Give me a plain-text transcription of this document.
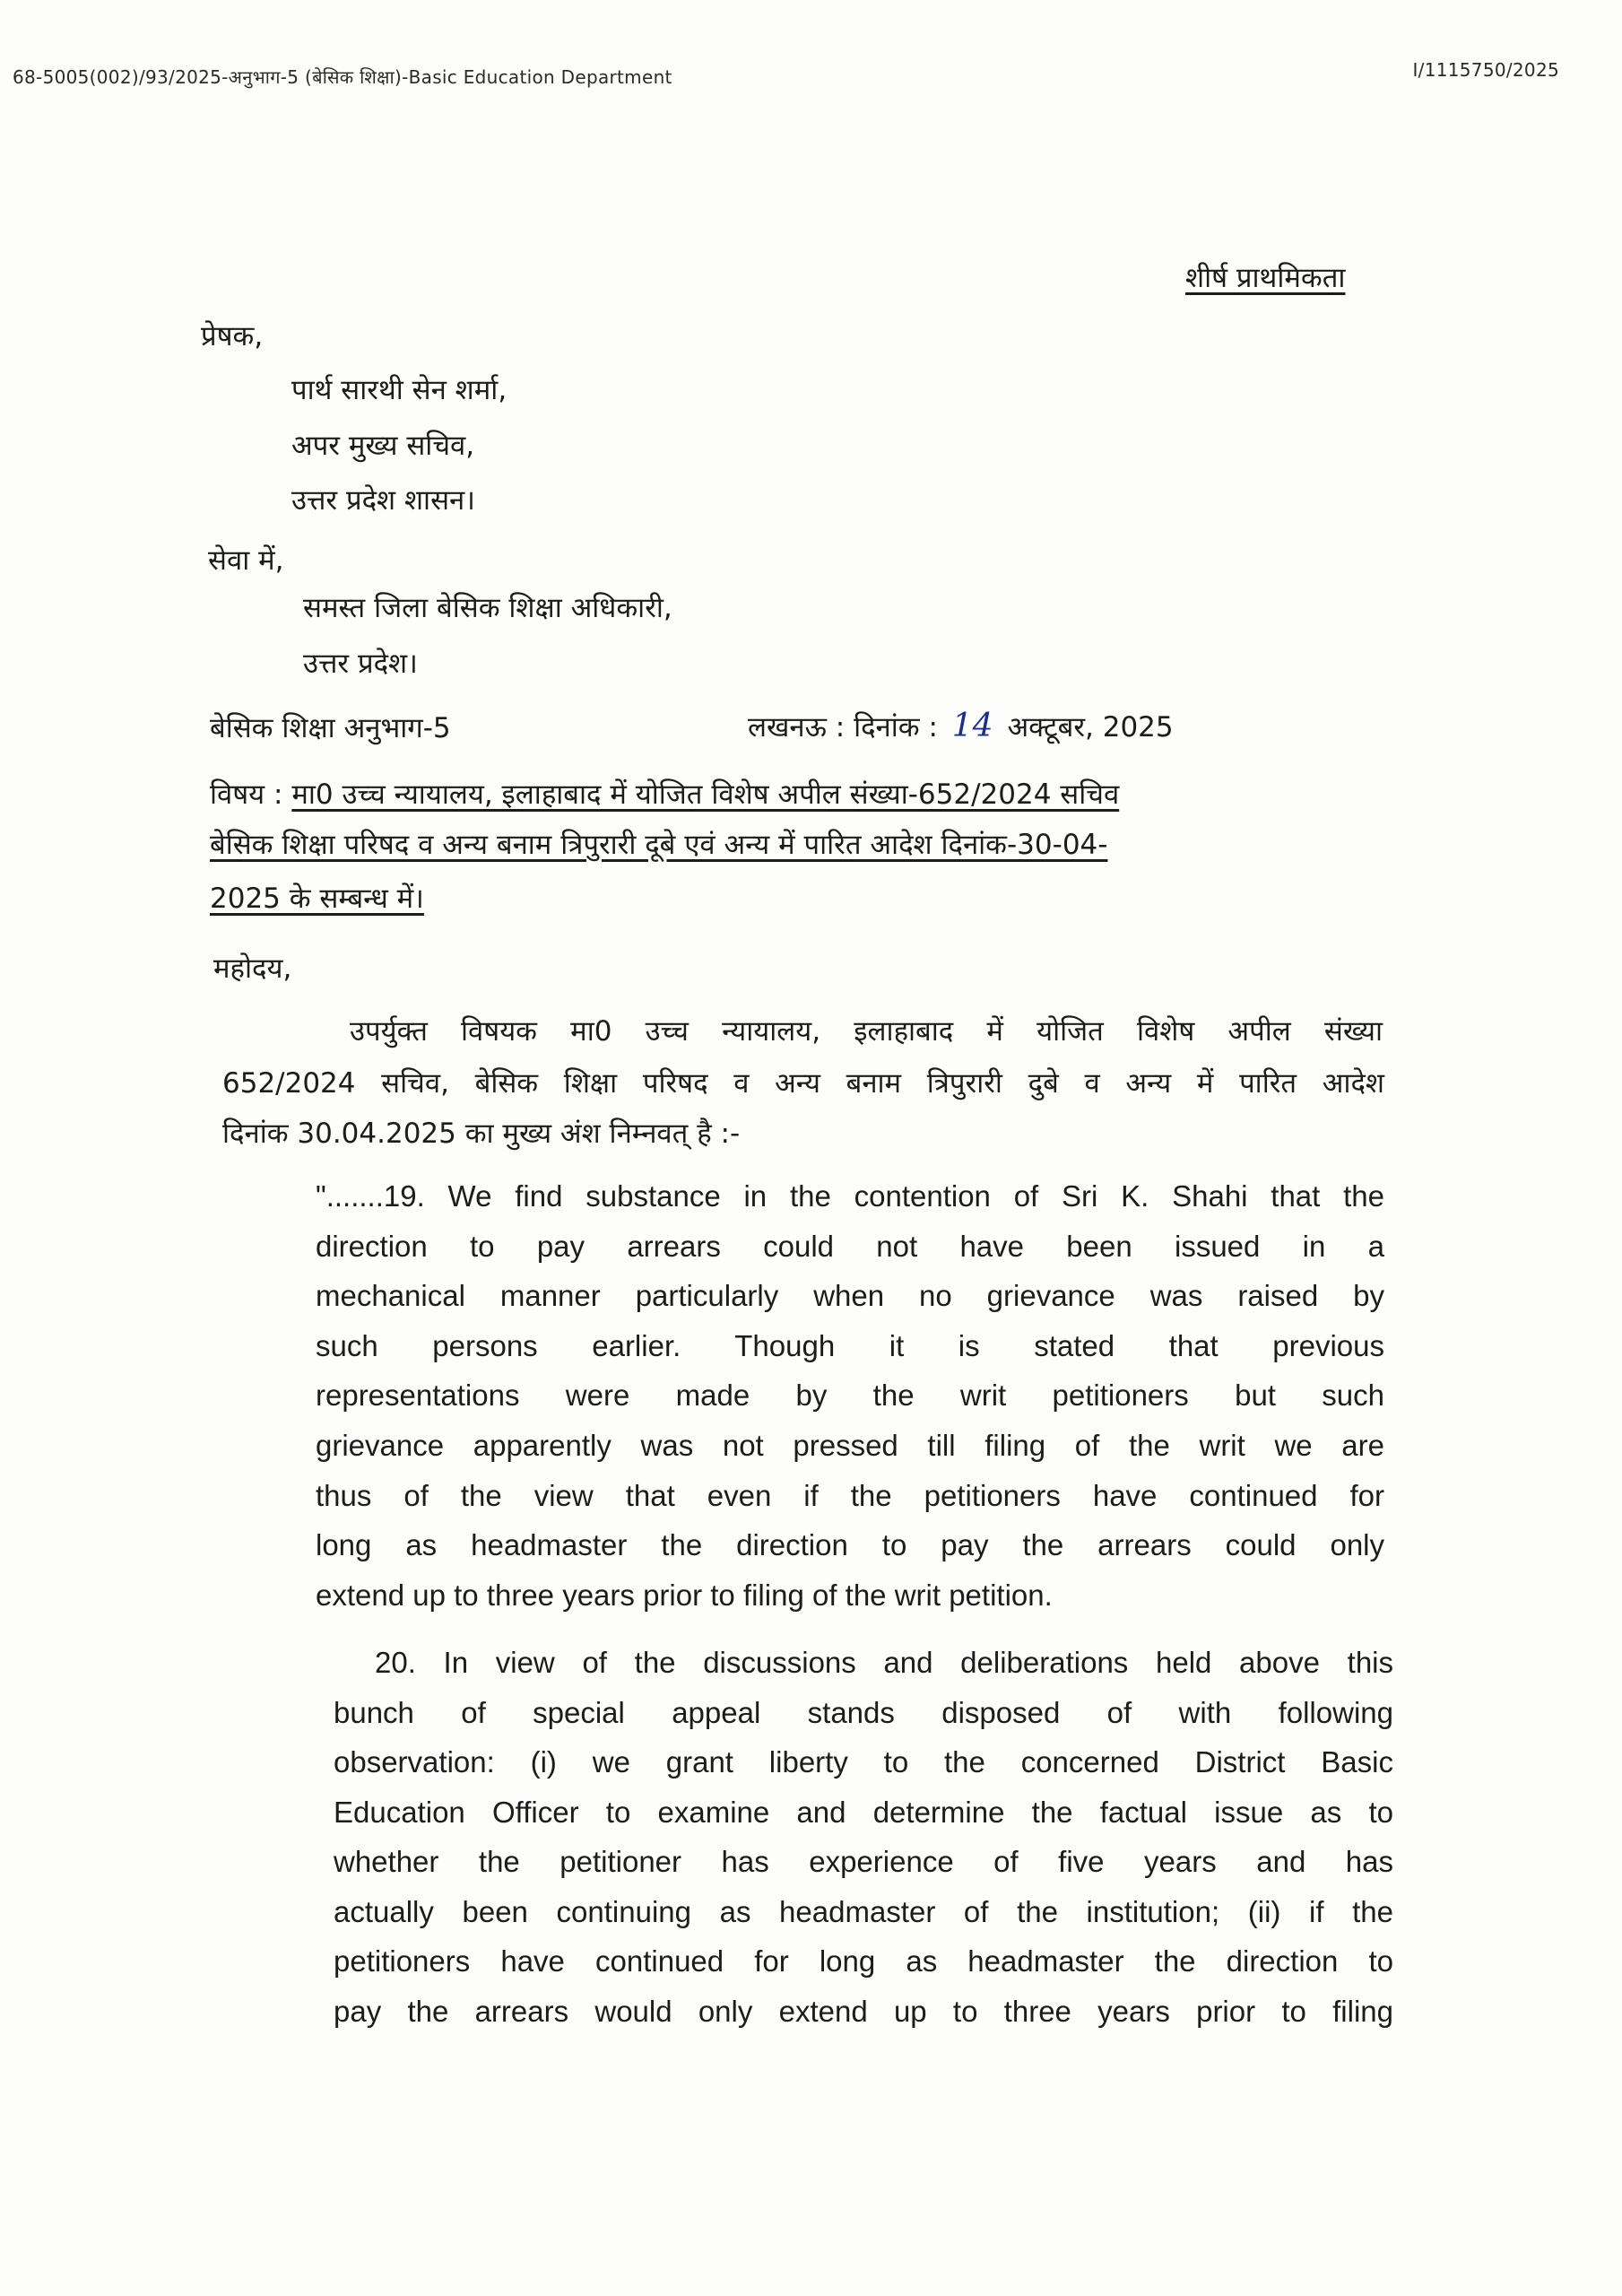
68-5005(002)/93/2025-अनुभाग-5 (बेसिक शिक्षा)-Basic Education Department	I/1115750/2025
शीर्ष प्राथमिकता
प्रेषक,
पार्थ सारथी सेन शर्मा,
अपर मुख्य सचिव,
उत्तर प्रदेश शासन।
सेवा में,
समस्त जिला बेसिक शिक्षा अधिकारी,
उत्तर प्रदेश।
बेसिक शिक्षा अनुभाग-5	लखनऊ : दिनांक : 14 अक्टूबर, 2025
विषय : मा0 उच्च न्यायालय, इलाहाबाद में योजित विशेष अपील संख्या-652/2024 सचिव
बेसिक शिक्षा परिषद व अन्य बनाम त्रिपुरारी दूबे एवं अन्य में पारित आदेश दिनांक-30-04-
2025 के सम्बन्ध में।
महोदय,
उपर्युक्त विषयक मा0 उच्च न्यायालय, इलाहाबाद में योजित विशेष अपील संख्या
652/2024 सचिव, बेसिक शिक्षा परिषद व अन्य बनाम त्रिपुरारी दुबे व अन्य में पारित आदेश
दिनांक 30.04.2025 का मुख्य अंश निम्नवत् है :-
".......19. We find substance in the contention of Sri K. Shahi that the
direction to pay arrears could not have been issued in a
mechanical manner particularly when no grievance was raised by
such persons earlier. Though it is stated that previous
representations were made by the writ petitioners but such
grievance apparently was not pressed till filing of the writ we are
thus of the view that even if the petitioners have continued for
long as headmaster the direction to pay the arrears could only
extend up to three years prior to filing of the writ petition.
20. In view of the discussions and deliberations held above this
bunch of special appeal stands disposed of with following
observation: (i) we grant liberty to the concerned District Basic
Education Officer to examine and determine the factual issue as to
whether the petitioner has experience of five years and has
actually been continuing as headmaster of the institution; (ii) if the
petitioners have continued for long as headmaster the direction to
pay the arrears would only extend up to three years prior to filing
